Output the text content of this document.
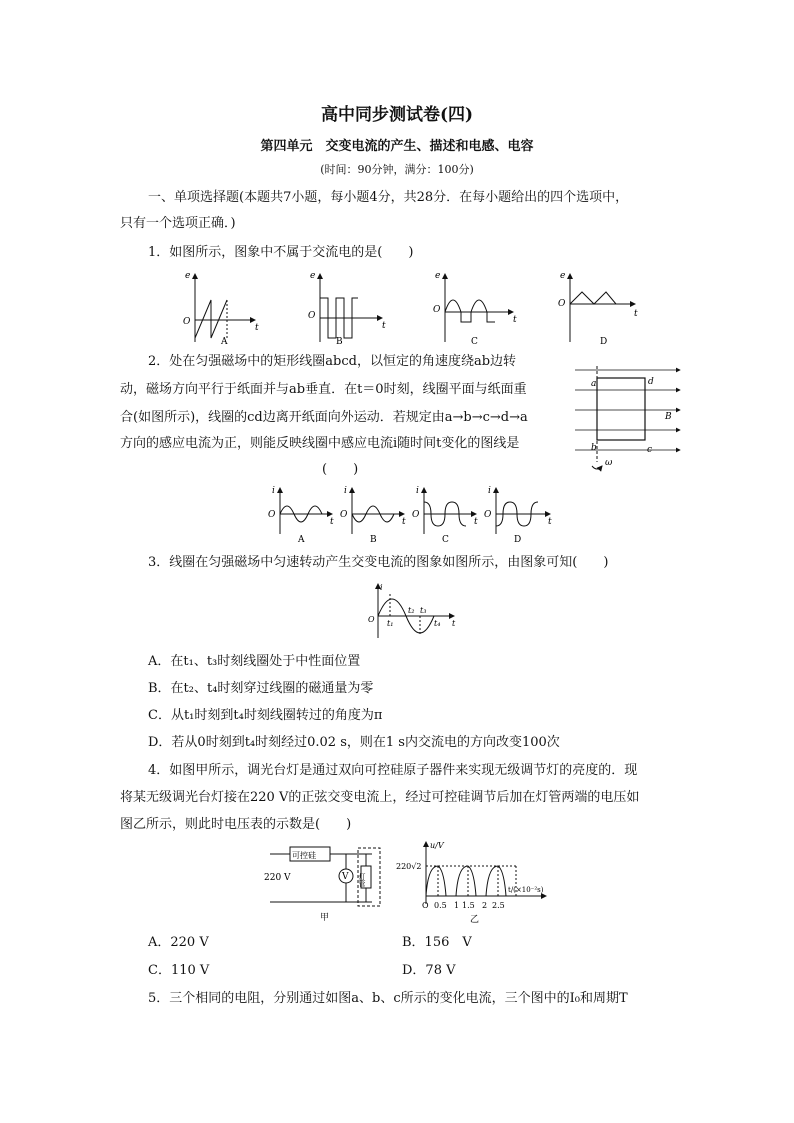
高中同步测试卷(四)
第四单元　交变电流的产生、描述和电感、电容
(时间：90分钟，满分：100分)
一、单项选择题(本题共7小题，每小题4分，共28分．在每小题给出的四个选项中，
只有一个选项正确．)
1．如图所示，图象中不属于交流电的是(　　)
e
O
t
A
e
O
t
B
e
O
t
C
e
O
t
D
2．处在匀强磁场中的矩形线圈abcd，以恒定的角速度绕ab边转
动，磁场方向平行于纸面并与ab垂直．在t＝0时刻，线圈平面与纸面重
合(如图所示)，线圈的cd边离开纸面向外运动．若规定由a→b→c→d→a
方向的感应电流为正，则能反映线圈中感应电流i随时间t变化的图线是
(　　)
a
b	c
d
B
ω
i
O
t
A
i
O
t
B
i
O
t
C
i
O
t
D
3．线圈在匀强磁场中匀速转动产生交变电流的图象如图所示，由图象可知(　　)
i
O	t
t₁
t₂ t₃
t₄
A．在t₁、t₃时刻线圈处于中性面位置
B．在t₂、t₄时刻穿过线圈的磁通量为零
C．从t₁时刻到t₄时刻线圈转过的角度为π
D．若从0时刻到t₄时刻经过0.02 s，则在1 s内交流电的方向改变100次
4．如图甲所示，调光台灯是通过双向可控硅原子器件来实现无级调节灯的亮度的．现
将某无级调光台灯接在220 V的正弦交变电流上，经过可控硅调节后加在灯管两端的电压如
图乙所示，则此时电压表的示数是(　　)
可控硅
V 灯管
220 V
甲
u/V
220√2
t/(×10⁻²s)
O 0.5 1 1.5 2 2.5
乙
A．220 V	B．156　V
C．110 V	D．78 V
5．三个相同的电阻，分别通过如图a、b、c所示的变化电流，三个图中的I₀和周期T
